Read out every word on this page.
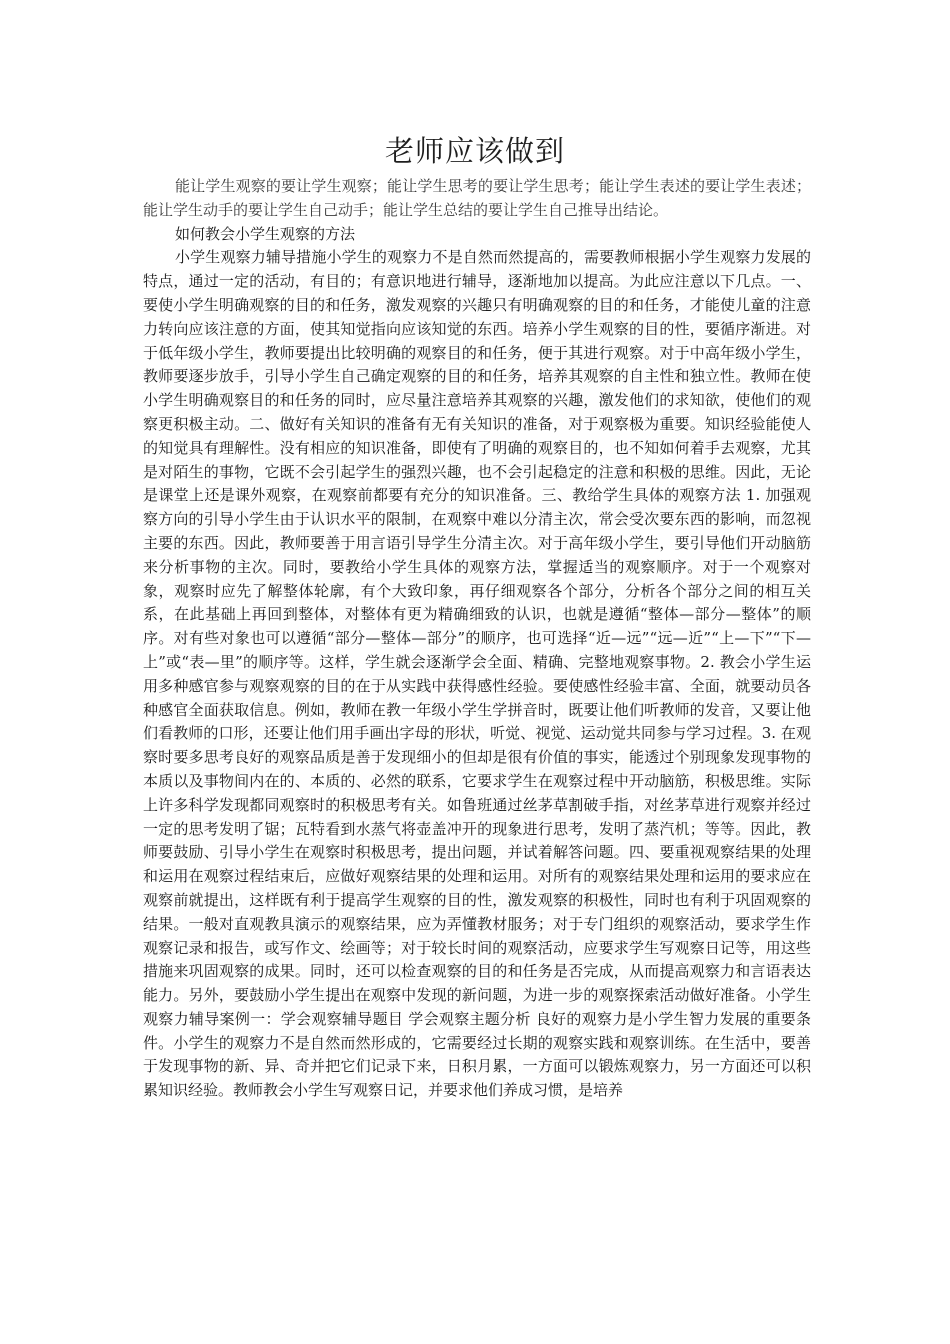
老师应该做到

能让学生观察的要让学生观察；能让学生思考的要让学生思考；能让学生表述的要让学生表述；能让学生动手的要让学生自己动手；能让学生总结的要让学生自己推导出结论。

如何教会小学生观察的方法

小学生观察力辅导措施小学生的观察力不是自然而然提高的，需要教师根据小学生观察力发展的特点，通过一定的活动，有目的；有意识地进行辅导，逐渐地加以提高。为此应注意以下几点。一、要使小学生明确观察的目的和任务，激发观察的兴趣只有明确观察的目的和任务，才能使儿童的注意力转向应该注意的方面，使其知觉指向应该知觉的东西。培养小学生观察的目的性，要循序渐进。对于低年级小学生，教师要提出比较明确的观察目的和任务，便于其进行观察。对于中高年级小学生，教师要逐步放手，引导小学生自己确定观察的目的和任务，培养其观察的自主性和独立性。教师在使小学生明确观察目的和任务的同时，应尽量注意培养其观察的兴趣，激发他们的求知欲，使他们的观察更积极主动。二、做好有关知识的准备有无有关知识的准备，对于观察极为重要。知识经验能使人的知觉具有理解性。没有相应的知识准备，即使有了明确的观察目的，也不知如何着手去观察，尤其是对陌生的事物，它既不会引起学生的强烈兴趣，也不会引起稳定的注意和积极的思维。因此，无论是课堂上还是课外观察，在观察前都要有充分的知识准备。三、教给学生具体的观察方法 1. 加强观察方向的引导小学生由于认识水平的限制，在观察中难以分清主次，常会受次要东西的影响，而忽视主要的东西。因此，教师要善于用言语引导学生分清主次。对于高年级小学生，要引导他们开动脑筋来分析事物的主次。同时，要教给小学生具体的观察方法，掌握适当的观察顺序。对于一个观察对象，观察时应先了解整体轮廓，有个大致印象，再仔细观察各个部分，分析各个部分之间的相互关系，在此基础上再回到整体，对整体有更为精确细致的认识，也就是遵循“整体—部分—整体”的顺序。对有些对象也可以遵循“部分—整体—部分”的顺序，也可选择“近—远”“远—近”“上—下”“下—上”或“表—里”的顺序等。这样，学生就会逐渐学会全面、精确、完整地观察事物。2. 教会小学生运用多种感官参与观察观察的目的在于从实践中获得感性经验。要使感性经验丰富、全面，就要动员各种感官全面获取信息。例如，教师在教一年级小学生学拼音时，既要让他们听教师的发音，又要让他们看教师的口形，还要让他们用手画出字母的形状，听觉、视觉、运动觉共同参与学习过程。3. 在观察时要多思考良好的观察品质是善于发现细小的但却是很有价值的事实，能透过个别现象发现事物的本质以及事物间内在的、本质的、必然的联系，它要求学生在观察过程中开动脑筋，积极思维。实际上许多科学发现都同观察时的积极思考有关。如鲁班通过丝茅草割破手指，对丝茅草进行观察并经过一定的思考发明了锯；瓦特看到水蒸气将壶盖冲开的现象进行思考，发明了蒸汽机；等等。因此，教师要鼓励、引导小学生在观察时积极思考，提出问题，并试着解答问题。四、要重视观察结果的处理和运用在观察过程结束后，应做好观察结果的处理和运用。对所有的观察结果处理和运用的要求应在观察前就提出，这样既有利于提高学生观察的目的性，激发观察的积极性，同时也有利于巩固观察的结果。一般对直观教具演示的观察结果，应为弄懂教材服务；对于专门组织的观察活动，要求学生作观察记录和报告，或写作文、绘画等；对于较长时间的观察活动，应要求学生写观察日记等，用这些措施来巩固观察的成果。同时，还可以检查观察的目的和任务是否完成，从而提高观察力和言语表达能力。另外，要鼓励小学生提出在观察中发现的新问题，为进一步的观察探索活动做好准备。小学生观察力辅导案例一：学会观察辅导题目 学会观察主题分析 良好的观察力是小学生智力发展的重要条件。小学生的观察力不是自然而然形成的，它需要经过长期的观察实践和观察训练。在生活中，要善于发现事物的新、异、奇并把它们记录下来，日积月累，一方面可以锻炼观察力，另一方面还可以积累知识经验。教师教会小学生写观察日记，并要求他们养成习惯，是培养
